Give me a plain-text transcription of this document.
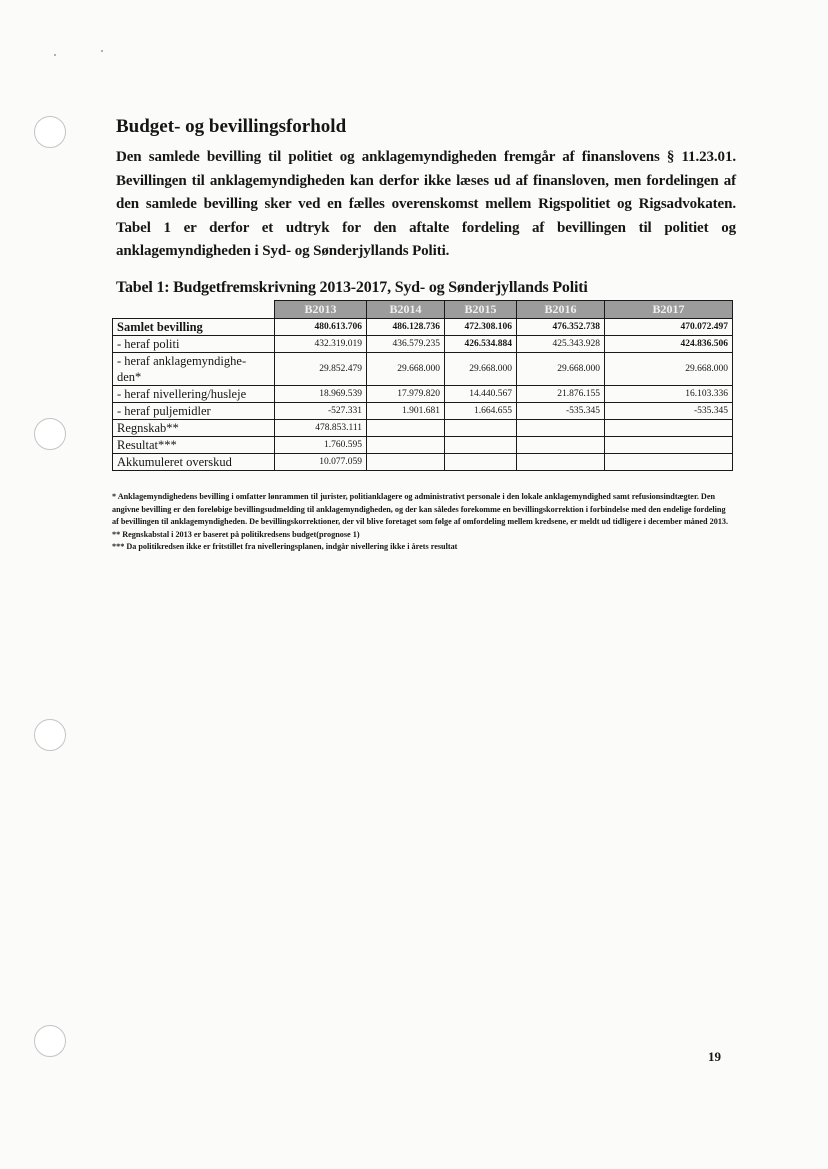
Budget- og bevillingsforhold

Den samlede bevilling til politiet og anklagemyndigheden fremgår af finanslovens § 11.23.01. Bevillingen til anklagemyndigheden kan derfor ikke læses ud af finansloven, men fordelingen af den samlede bevilling sker ved en fælles overenskomst mellem Rigspolitiet og Rigsadvokaten. Tabel 1 er derfor et udtryk for den aftalte fordeling af bevillingen til politiet og anklagemyndigheden i Syd- og Sønderjyllands Politi.

Tabel 1: Budgetfremskrivning 2013-2017, Syd- og Sønderjyllands Politi
	B2013	B2014	B2015	B2016	B2017
Samlet bevilling	480.613.706	486.128.736	472.308.106	476.352.738	470.072.497
- heraf politi	432.319.019	436.579.235	426.534.884	425.343.928	424.836.506
- heraf anklagemyndighe-den*	29.852.479	29.668.000	29.668.000	29.668.000	29.668.000
- heraf nivellering/husleje	18.969.539	17.979.820	14.440.567	21.876.155	16.103.336
- heraf puljemidler	-527.331	1.901.681	1.664.655	-535.345	-535.345
Regnskab**	478.853.111				
Resultat***	1.760.595				
Akkumuleret overskud	10.077.059				

* Anklagemyndighedens bevilling i omfatter lønrammen til jurister, politianklagere og administrativt personale i den lokale anklagemyndighed samt refusionsindtægter. Den angivne bevilling er den foreløbige bevillingsudmelding til anklagemyndigheden, og der kan således forekomme en bevillingskorrektion i forbindelse med den endelige fordeling af bevillingen til anklagemyndigheden. De bevillingskorrektioner, der vil blive foretaget som følge af omfordeling mellem kredsene, er meldt ud tidligere i december måned 2013.

** Regnskabstal i 2013 er baseret på politikredsens budget(prognose 1)

*** Da politikredsen ikke er fritstillet fra nivelleringsplanen, indgår nivellering ikke i årets resultat

19
